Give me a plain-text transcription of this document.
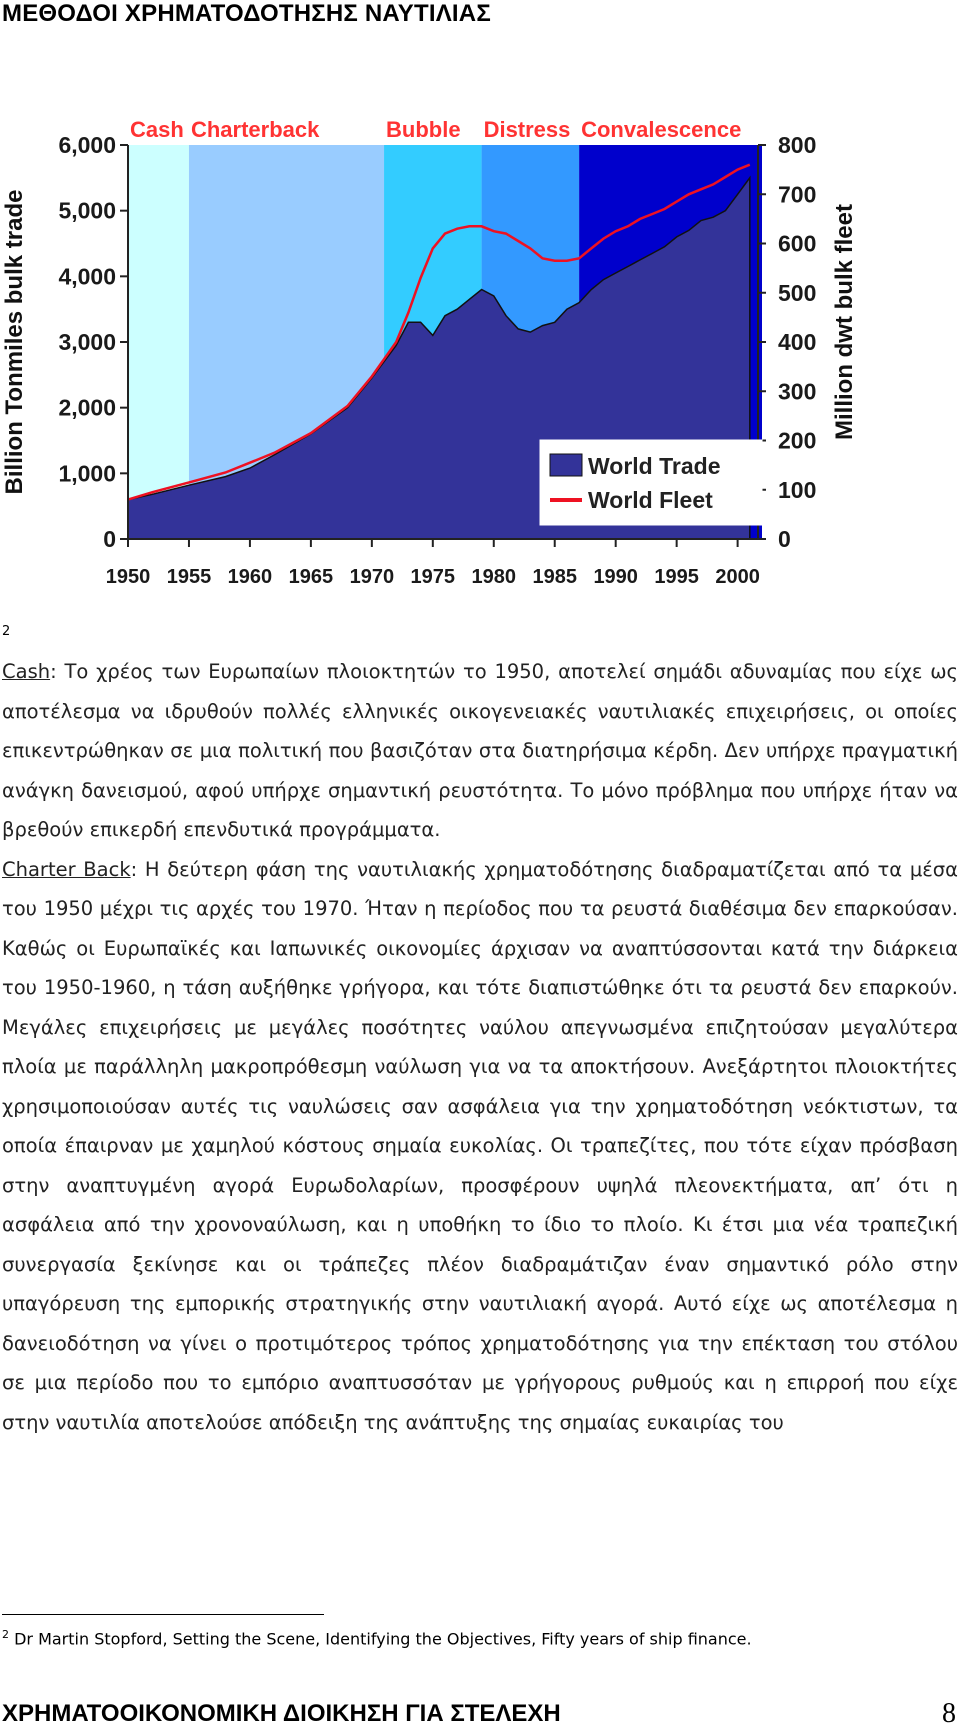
ΜΕΘΟΔΟΙ ΧΡΗΜΑΤΟΔΟΤΗΣΗΣ ΝΑΥΤΙΛΙΑΣ
Cash Charterback	Bubble Distress Convalescence
0
1,000
2,000
3,000
4,000
5,000
6,000
0
100
200
300
400
500
600
700
800
1950 1955 1960 1965 1970 1975 1980 1985 1990 1995 2000
Billion Tonmiles bulk trade	Million dwt bulk fleet
World Trade
World Fleet
2

Cash: Το χρέος των Ευρωπαίων πλοιοκτητών το 1950, αποτελεί σημάδι αδυναμίας που είχε ως αποτέλεσμα να ιδρυθούν πολλές ελληνικές οικογενειακές ναυτιλιακές επιχειρήσεις, οι οποίες επικεντρώθηκαν σε μια πολιτική που βασιζόταν στα διατηρήσιμα κέρδη. Δεν υπήρχε πραγματική ανάγκη δανεισμού, αφού υπήρχε σημαντική ρευστότητα. Το μόνο πρόβλημα που υπήρχε ήταν να βρεθούν επικερδή επενδυτικά προγράμματα.

Charter Back: Η δεύτερη φάση της ναυτιλιακής χρηματοδότησης διαδραματίζεται από τα μέσα του 1950 μέχρι τις αρχές του 1970. Ήταν η περίοδος που τα ρευστά διαθέσιμα δεν επαρκούσαν. Καθώς οι Ευρωπαϊκές και Ιαπωνικές οικονομίες άρχισαν να αναπτύσσονται κατά την διάρκεια του 1950-1960, η τάση αυξήθηκε γρήγορα, και τότε διαπιστώθηκε ότι τα ρευστά δεν επαρκούν. Μεγάλες επιχειρήσεις με μεγάλες ποσότητες ναύλου απεγνωσμένα επιζητούσαν μεγαλύτερα πλοία με παράλληλη μακροπρόθεσμη ναύλωση για να τα αποκτήσουν. Ανεξάρτητοι πλοιοκτήτες χρησιμοποιούσαν αυτές τις ναυλώσεις σαν ασφάλεια για την χρηματοδότηση νεόκτιστων, τα οποία έπαιρναν με χαμηλού κόστους σημαία ευκολίας. Οι τραπεζίτες, που τότε είχαν πρόσβαση στην αναπτυγμένη αγορά Ευρωδολαρίων, προσφέρουν υψηλά πλεονεκτήματα, απ’ ότι η ασφάλεια από την χρονοναύλωση, και η υποθήκη το ίδιο το πλοίο. Κι έτσι μια νέα τραπεζική συνεργασία ξεκίνησε και οι τράπεζες πλέον διαδραμάτιζαν έναν σημαντικό ρόλο στην υπαγόρευση της εμπορικής στρατηγικής στην ναυτιλιακή αγορά. Αυτό είχε ως αποτέλεσμα η δανειοδότηση να γίνει ο προτιμότερος τρόπος χρηματοδότησης για την επέκταση του στόλου σε μια περίοδο που το εμπόριο αναπτυσσόταν με γρήγορους ρυθμούς και η επιρροή που είχε στην ναυτιλία αποτελούσε απόδειξη της ανάπτυξης της σημαίας ευκαιρίας του

$^2$ Dr Martin Stopford, Setting the Scene, Identifying the Objectives, Fifty years of ship finance.
ΧΡΗΜΑΤΟΟΙΚΟΝΟΜΙΚΗ ΔΙΟΙΚΗΣΗ ΓΙΑ ΣΤΕΛΕΧΗ	8
